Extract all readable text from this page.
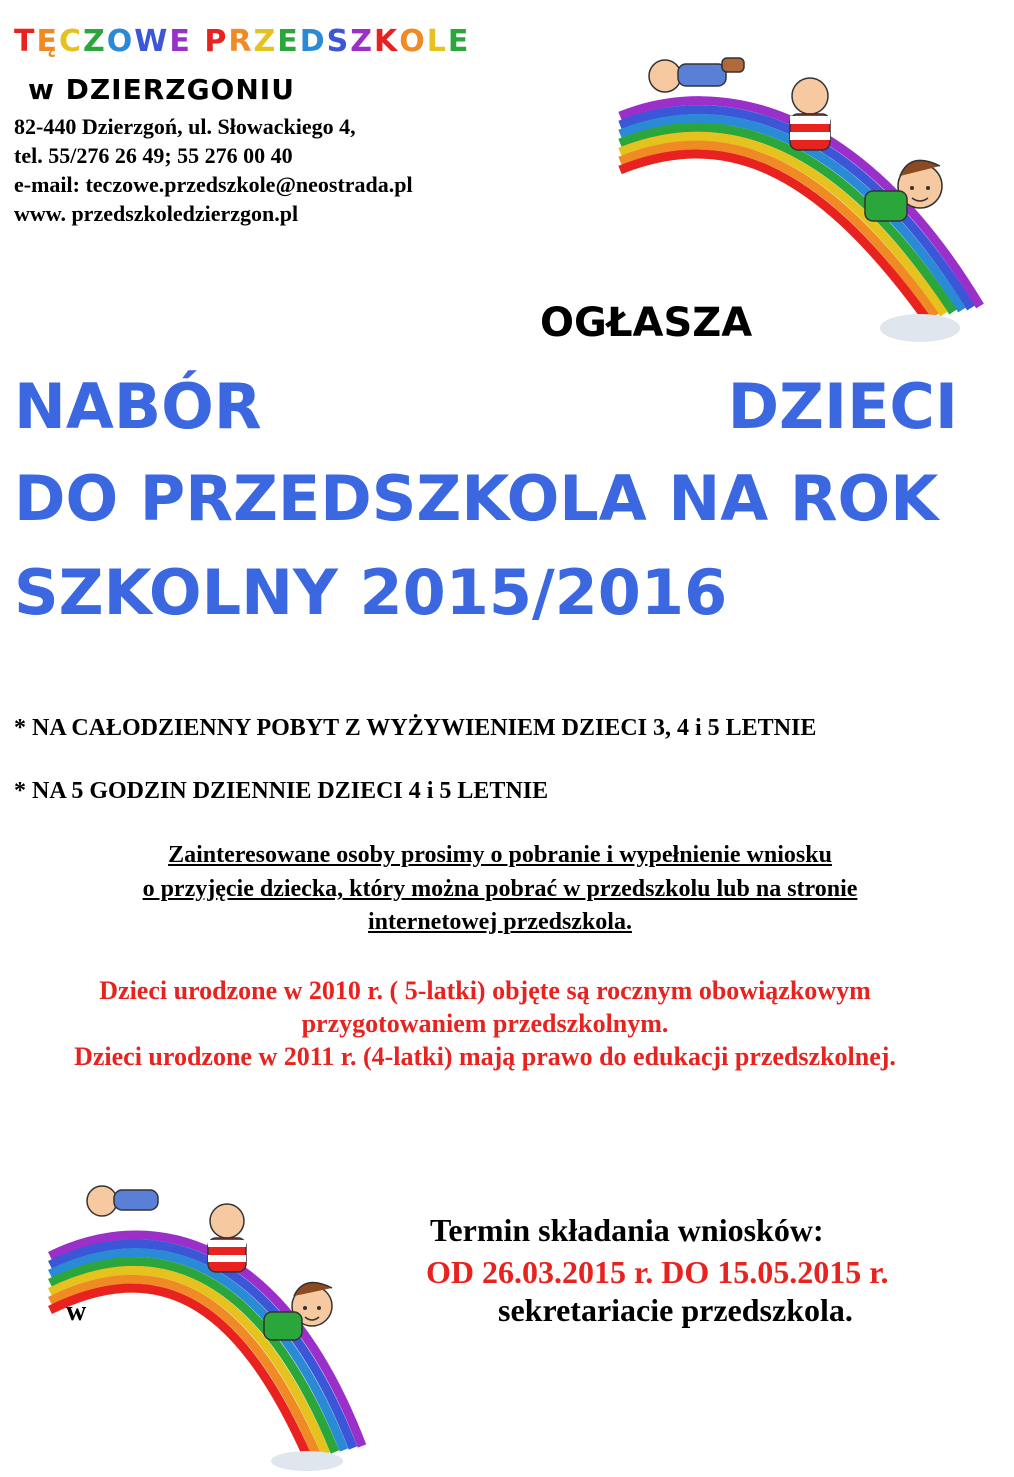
TĘCZOWE PRZEDSZKOLE
w DZIERZGONIU
82-440 Dzierzgoń, ul. Słowackiego 4,
tel. 55/276 26 49; 55 276 00 40
e-mail: teczowe.przedszkole@neostrada.pl
www. przedszkoledzierzgon.pl
OGŁASZA
NABÓR	DZIECI
DO PRZEDSZKOLA NA ROK
SZKOLNY 2015/2016
* NA CAŁODZIENNY POBYT Z WYŻYWIENIEM DZIECI 3, 4 i 5 LETNIE
* NA 5 GODZIN DZIENNIE DZIECI 4 i 5 LETNIE
Zainteresowane osoby prosimy o pobranie i wypełnienie wniosku
o przyjęcie dziecka, który można pobrać w przedszkolu lub na stronie
internetowej przedszkola.
Dzieci urodzone w 2010 r. ( 5-latki) objęte są rocznym obowiązkowym
przygotowaniem przedszkolnym.
Dzieci urodzone w 2011 r. (4-latki) mają prawo do edukacji przedszkolnej.
Termin składania wniosków:
OD 26.03.2015 r. DO 15.05.2015 r.
w	sekretariacie przedszkola.
